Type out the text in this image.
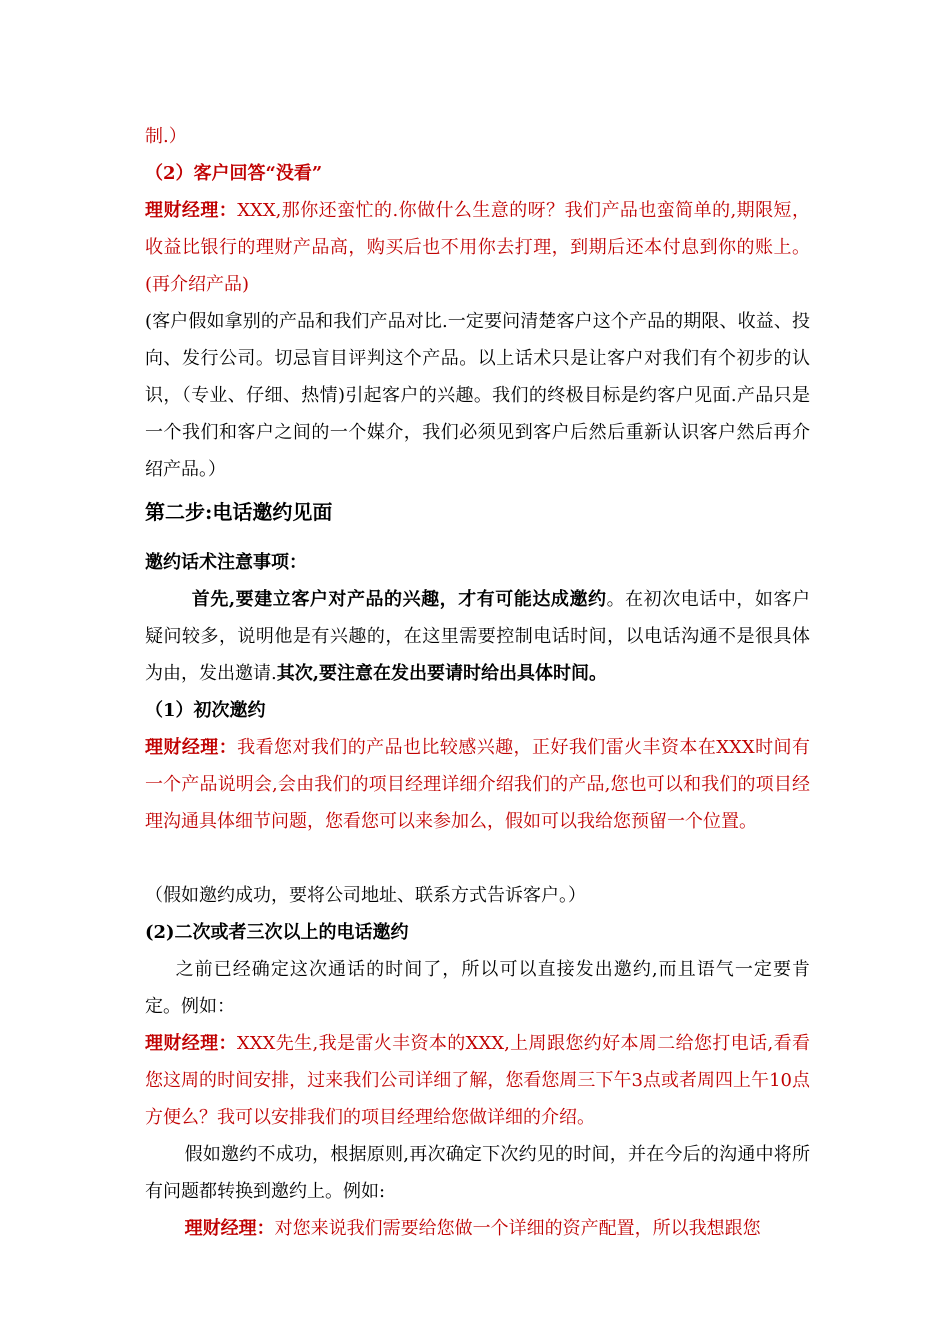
制.）

（2）客户回答“没看”

理财经理：XXX,那你还蛮忙的.你做什么生意的呀？我们产品也蛮简单的,期限短，收益比银行的理财产品高，购买后也不用你去打理，到期后还本付息到你的账上。(再介绍产品)

(客户假如拿别的产品和我们产品对比.一定要问清楚客户这个产品的期限、收益、投向、发行公司。切忌盲目评判这个产品。以上话术只是让客户对我们有个初步的认识，（专业、仔细、热情)引起客户的兴趣。我们的终极目标是约客户见面.产品只是一个我们和客户之间的一个媒介，我们必须见到客户后然后重新认识客户然后再介绍产品。）

第二步:电话邀约见面

邀约话术注意事项：

首先,要建立客户对产品的兴趣，才有可能达成邀约。在初次电话中，如客户疑问较多，说明他是有兴趣的，在这里需要控制电话时间，以电话沟通不是很具体为由，发出邀请.其次,要注意在发出要请时给出具体时间。

（1）初次邀约

理财经理：我看您对我们的产品也比较感兴趣，正好我们雷火丰资本在XXX时间有一个产品说明会,会由我们的项目经理详细介绍我们的产品,您也可以和我们的项目经理沟通具体细节问题，您看您可以来参加么，假如可以我给您预留一个位置。

（假如邀约成功，要将公司地址、联系方式告诉客户。）

(2)二次或者三次以上的电话邀约

之前已经确定这次通话的时间了，所以可以直接发出邀约,而且语气一定要肯定。例如：

理财经理：XXX先生,我是雷火丰资本的XXX,上周跟您约好本周二给您打电话,看看您这周的时间安排，过来我们公司详细了解，您看您周三下午3点或者周四上午10点方便么？我可以安排我们的项目经理给您做详细的介绍。

假如邀约不成功，根据原则,再次确定下次约见的时间，并在今后的沟通中将所有问题都转换到邀约上。例如:

理财经理：对您来说我们需要给您做一个详细的资产配置，所以我想跟您
